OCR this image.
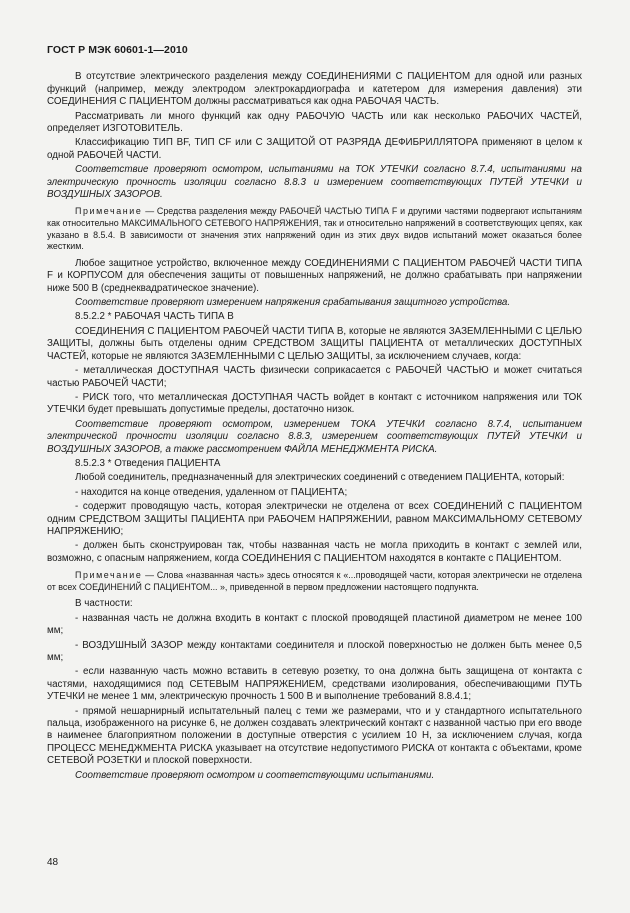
ГОСТ Р МЭК 60601-1—2010

В отсутствие электрического разделения между СОЕДИНЕНИЯМИ С ПАЦИЕНТОМ для одной или разных функций (например, между электродом электрокардиографа и катетером для измерения давления) эти СОЕДИНЕНИЯ С ПАЦИЕНТОМ должны рассматриваться как одна РАБОЧАЯ ЧАСТЬ.

Рассматривать ли много функций как одну РАБОЧУЮ ЧАСТЬ или как несколько РАБОЧИХ ЧАСТЕЙ, определяет ИЗГОТОВИТЕЛЬ.

Классификацию ТИП BF, ТИП CF или С ЗАЩИТОЙ ОТ РАЗРЯДА ДЕФИБРИЛЛЯТОРА применяют в целом к одной РАБОЧЕЙ ЧАСТИ.

Соответствие проверяют осмотром, испытаниями на ТОК УТЕЧКИ согласно 8.7.4, испытаниями на электрическую прочность изоляции согласно 8.8.3 и измерением соответствующих ПУТЕЙ УТЕЧКИ и ВОЗДУШНЫХ ЗАЗОРОВ.

Примечание — Средства разделения между РАБОЧЕЙ ЧАСТЬЮ ТИПА F и другими частями подвергают испытаниям как относительно МАКСИМАЛЬНОГО СЕТЕВОГО НАПРЯЖЕНИЯ, так и относительно напряжений в соответствующих цепях, как указано в 8.5.4. В зависимости от значения этих напряжений один из этих двух видов испытаний может оказаться более жестким.

Любое защитное устройство, включенное между СОЕДИНЕНИЯМИ С ПАЦИЕНТОМ РАБОЧЕЙ ЧАСТИ ТИПА F и КОРПУСОМ для обеспечения защиты от повышенных напряжений, не должно срабатывать при напряжении ниже 500 В (среднеквадратическое значение).

Соответствие проверяют измерением напряжения срабатывания защитного устройства.

8.5.2.2 * РАБОЧАЯ ЧАСТЬ ТИПА В

СОЕДИНЕНИЯ С ПАЦИЕНТОМ РАБОЧЕЙ ЧАСТИ ТИПА В, которые не являются ЗАЗЕМЛЕННЫМИ С ЦЕЛЬЮ ЗАЩИТЫ, должны быть отделены одним СРЕДСТВОМ ЗАЩИТЫ ПАЦИЕНТА от металлических ДОСТУПНЫХ ЧАСТЕЙ, которые не являются ЗАЗЕМЛЕННЫМИ С ЦЕЛЬЮ ЗАЩИТЫ, за исключением случаев, когда:

- металлическая ДОСТУПНАЯ ЧАСТЬ физически соприкасается с РАБОЧЕЙ ЧАСТЬЮ и может считаться частью РАБОЧЕЙ ЧАСТИ;

- РИСК того, что металлическая ДОСТУПНАЯ ЧАСТЬ войдет в контакт с источником напряжения или ТОК УТЕЧКИ будет превышать допустимые пределы, достаточно низок.

Соответствие проверяют осмотром, измерением ТОКА УТЕЧКИ согласно 8.7.4, испытанием электрической прочности изоляции согласно 8.8.3, измерением соответствующих ПУТЕЙ УТЕЧКИ и ВОЗДУШНЫХ ЗАЗОРОВ, а также рассмотрением ФАЙЛА МЕНЕДЖМЕНТА РИСКА.

8.5.2.3 * Отведения ПАЦИЕНТА

Любой соединитель, предназначенный для электрических соединений с отведением ПАЦИЕНТА, который:

- находится на конце отведения, удаленном от ПАЦИЕНТА;

- содержит проводящую часть, которая электрически не отделена от всех СОЕДИНЕНИЙ С ПАЦИЕНТОМ одним СРЕДСТВОМ ЗАЩИТЫ ПАЦИЕНТА при РАБОЧЕМ НАПРЯЖЕНИИ, равном МАКСИМАЛЬНОМУ СЕТЕВОМУ НАПРЯЖЕНИЮ;

- должен быть сконструирован так, чтобы названная часть не могла приходить в контакт с землей или, возможно, с опасным напряжением, когда СОЕДИНЕНИЯ С ПАЦИЕНТОМ находятся в контакте с ПАЦИЕНТОМ.

Примечание — Слова «названная часть» здесь относятся к «...проводящей части, которая электрически не отделена от всех СОЕДИНЕНИЙ С ПАЦИЕНТОМ... », приведенной в первом предложении настоящего подпункта.

В частности:

- названная часть не должна входить в контакт с плоской проводящей пластиной диаметром не менее 100 мм;

- ВОЗДУШНЫЙ ЗАЗОР между контактами соединителя и плоской поверхностью не должен быть менее 0,5 мм;

- если названную часть можно вставить в сетевую розетку, то она должна быть защищена от контакта с частями, находящимися под СЕТЕВЫМ НАПРЯЖЕНИЕМ, средствами изолирования, обеспечивающими ПУТЬ УТЕЧКИ не менее 1 мм, электрическую прочность 1 500 В и выполнение требований 8.8.4.1;

- прямой нешарнирный испытательный палец с теми же размерами, что и у стандартного испытательного пальца, изображенного на рисунке 6, не должен создавать электрический контакт с названной частью при его вводе в наименее благоприятном положении в доступные отверстия с усилием 10 Н, за исключением случая, когда ПРОЦЕСС МЕНЕДЖМЕНТА РИСКА указывает на отсутствие недопустимого РИСКА от контакта с объектами, кроме СЕТЕВОЙ РОЗЕТКИ и плоской поверхности.

Соответствие проверяют осмотром и соответствующими испытаниями.

48
